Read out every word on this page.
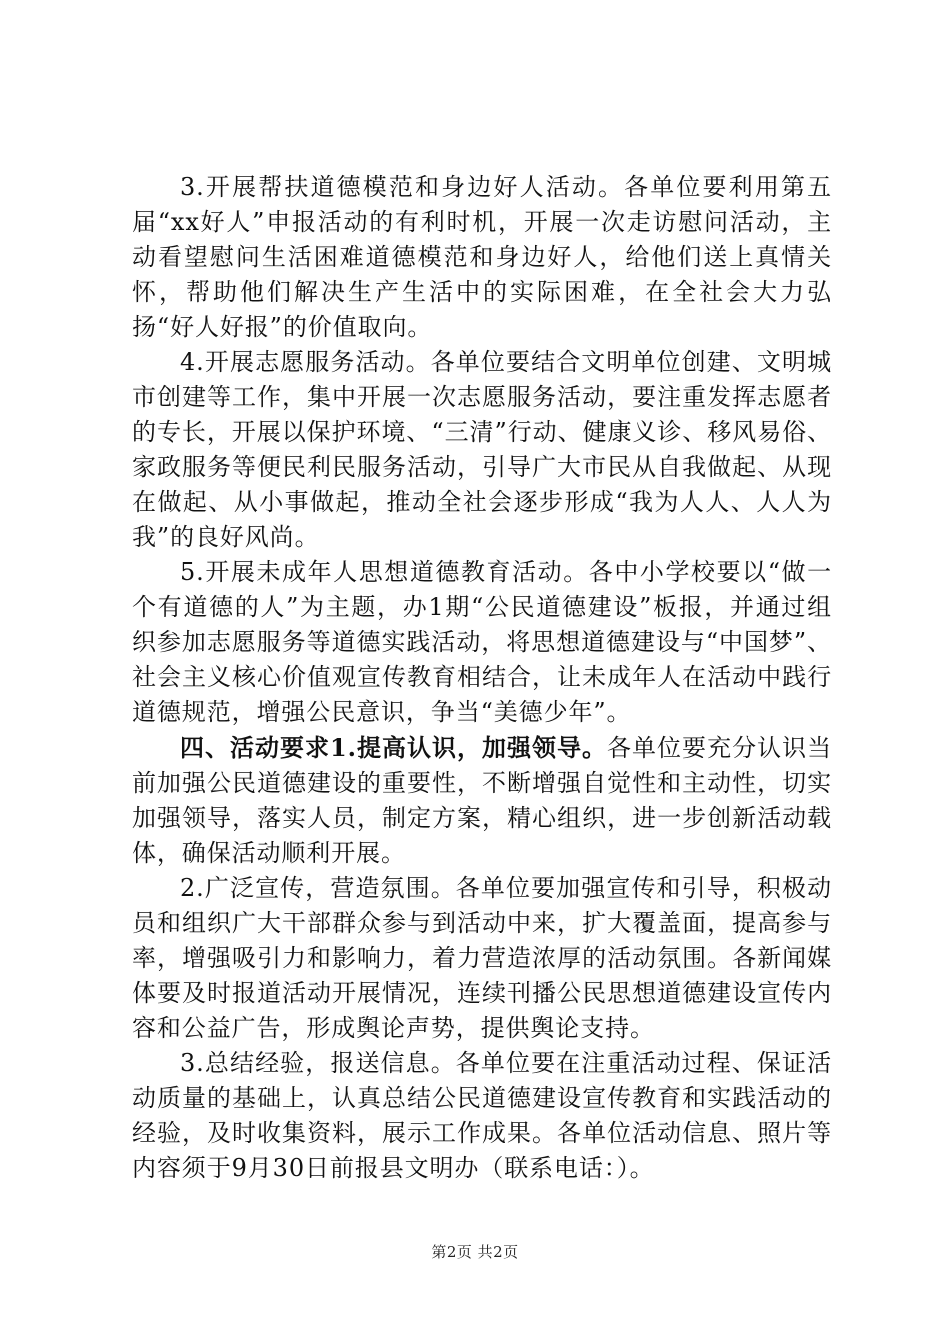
3.开展帮扶道德模范和身边好人活动。各单位要利用第五届“xx好人”申报活动的有利时机，开展一次走访慰问活动，主动看望慰问生活困难道德模范和身边好人，给他们送上真情关怀，帮助他们解决生产生活中的实际困难，在全社会大力弘扬“好人好报”的价值取向。

4.开展志愿服务活动。各单位要结合文明单位创建、文明城市创建等工作，集中开展一次志愿服务活动，要注重发挥志愿者的专长，开展以保护环境、“三清”行动、健康义诊、移风易俗、家政服务等便民利民服务活动，引导广大市民从自我做起、从现在做起、从小事做起，推动全社会逐步形成“我为人人、人人为我”的良好风尚。

5.开展未成年人思想道德教育活动。各中小学校要以“做一个有道德的人”为主题，办1期“公民道德建设”板报，并通过组织参加志愿服务等道德实践活动，将思想道德建设与“中国梦”、社会主义核心价值观宣传教育相结合，让未成年人在活动中践行道德规范，增强公民意识，争当“美德少年”。

四、活动要求1.提高认识，加强领导。各单位要充分认识当前加强公民道德建设的重要性，不断增强自觉性和主动性，切实加强领导，落实人员，制定方案，精心组织，进一步创新活动载体，确保活动顺利开展。

2.广泛宣传，营造氛围。各单位要加强宣传和引导，积极动员和组织广大干部群众参与到活动中来，扩大覆盖面，提高参与率，增强吸引力和影响力，着力营造浓厚的活动氛围。各新闻媒体要及时报道活动开展情况，连续刊播公民思想道德建设宣传内容和公益广告，形成舆论声势，提供舆论支持。

3.总结经验，报送信息。各单位要在注重活动过程、保证活动质量的基础上，认真总结公民道德建设宣传教育和实践活动的经验，及时收集资料，展示工作成果。各单位活动信息、照片等内容须于9月30日前报县文明办（联系电话：）。

第2页 共2页
